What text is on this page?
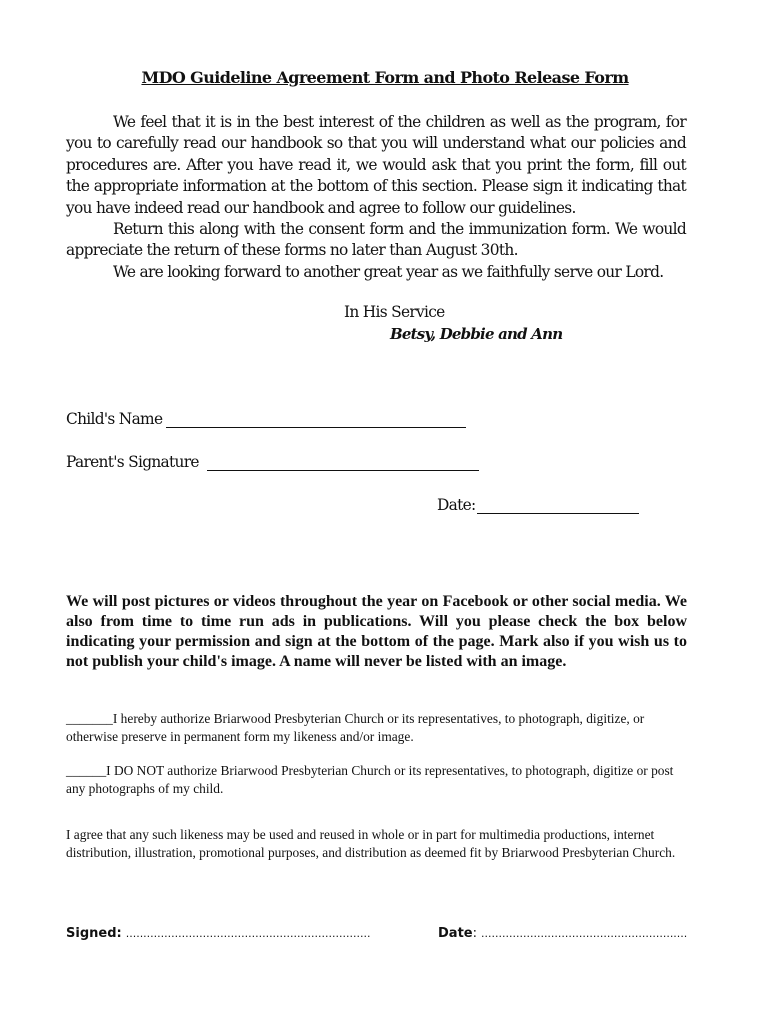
MDO Guideline Agreement Form and Photo Release Form

We feel that it is in the best interest of the children as well as the program, for you to carefully read our handbook so that you will understand what our policies and procedures are. After you have read it, we would ask that you print the form, fill out the appropriate information at the bottom of this section. Please sign it indicating that you have indeed read our handbook and agree to follow our guidelines.

Return this along with the consent form and the immunization form. We would appreciate the return of these forms no later than August 30th.

We are looking forward to another great year as we faithfully serve our Lord.

In His Service
Betsy, Debbie and Ann
Child's Name
Parent's Signature
Date:
We will post pictures or videos throughout the year on Facebook or other social media. We also from time to time run ads in publications. Will you please check the box below indicating your permission and sign at the bottom of the page. Mark also if you wish us to not publish your child's image. A name will never be listed with an image.
_______I hereby authorize Briarwood Presbyterian Church or its representatives, to photograph, digitize, or otherwise preserve in permanent form my likeness and/or image.
______I DO NOT authorize Briarwood Presbyterian Church or its representatives, to photograph, digitize or post any photographs of my child.
I agree that any such likeness may be used and reused in whole or in part for multimedia productions, internet distribution, illustration, promotional purposes, and distribution as deemed fit by Briarwood Presbyterian Church.
Signed: ......................................................................	Date : ...........................................................
